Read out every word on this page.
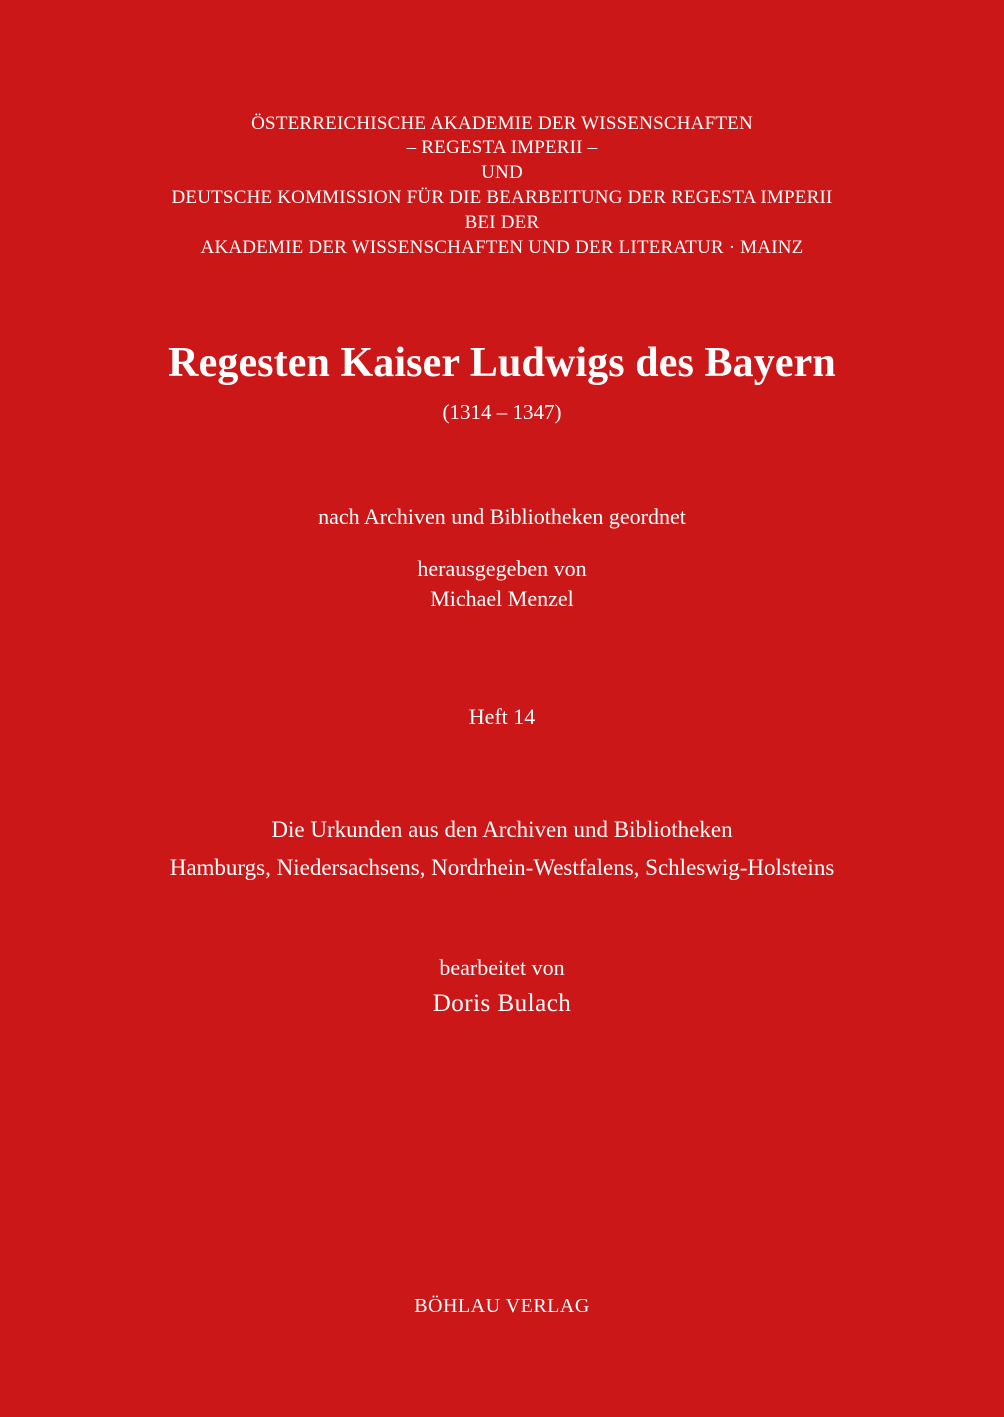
ÖSTERREICHISCHE AKADEMIE DER WISSENSCHAFTEN
– REGESTA IMPERII –
UND
DEUTSCHE KOMMISSION FÜR DIE BEARBEITUNG DER REGESTA IMPERII
BEI DER
AKADEMIE DER WISSENSCHAFTEN UND DER LITERATUR · MAINZ
Regesten Kaiser Ludwigs des Bayern
(1314 – 1347)
nach Archiven und Bibliotheken geordnet
herausgegeben von
Michael Menzel
Heft 14
Die Urkunden aus den Archiven und Bibliotheken
Hamburgs, Niedersachsens, Nordrhein-Westfalens, Schleswig-Holsteins
bearbeitet von
Doris Bulach
BÖHLAU VERLAG
